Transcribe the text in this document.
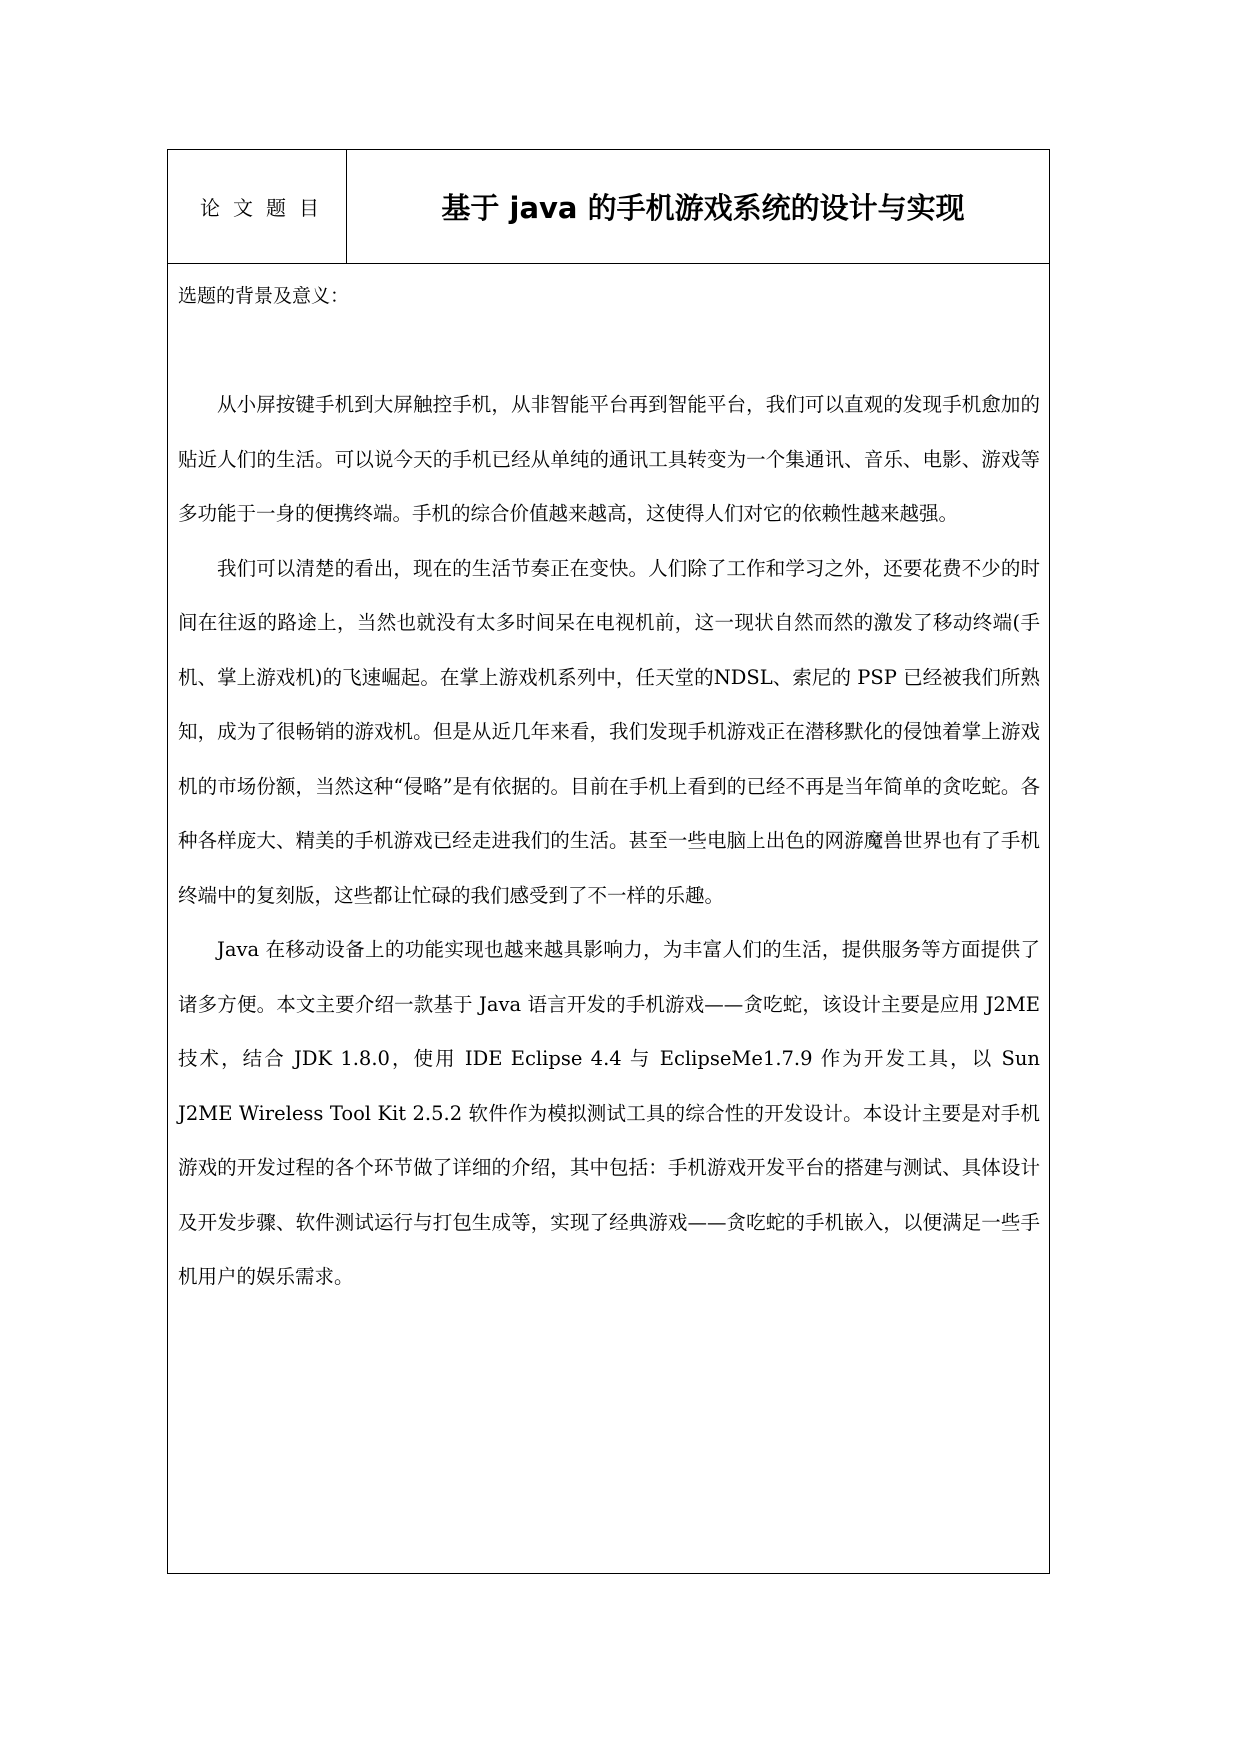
论文题目	基于 java 的手机游戏系统的设计与实现
选题的背景及意义：

从小屏按键手机到大屏触控手机，从非智能平台再到智能平台，我们可以直观的发现手机愈加的贴近人们的生活。可以说今天的手机已经从单纯的通讯工具转变为一个集通讯、音乐、电影、游戏等多功能于一身的便携终端。手机的综合价值越来越高，这使得人们对它的依赖性越来越强。

我们可以清楚的看出，现在的生活节奏正在变快。人们除了工作和学习之外，还要花费不少的时间在往返的路途上，当然也就没有太多时间呆在电视机前，这一现状自然而然的激发了移动终端(手机、掌上游戏机)的飞速崛起。在掌上游戏机系列中，任天堂的NDSL、索尼的 PSP 已经被我们所熟知，成为了很畅销的游戏机。但是从近几年来看，我们发现手机游戏正在潜移默化的侵蚀着掌上游戏机的市场份额，当然这种“侵略”是有依据的。目前在手机上看到的已经不再是当年简单的贪吃蛇。各种各样庞大、精美的手机游戏已经走进我们的生活。甚至一些电脑上出色的网游魔兽世界也有了手机终端中的复刻版，这些都让忙碌的我们感受到了不一样的乐趣。

Java 在移动设备上的功能实现也越来越具影响力，为丰富人们的生活，提供服务等方面提供了诸多方便。本文主要介绍一款基于 Java 语言开发的手机游戏——贪吃蛇，该设计主要是应用 J2ME 技术，结合 JDK 1.8.0，使用 IDE Eclipse 4.4 与 EclipseMe1.7.9 作为开发工具，以 Sun J2ME Wireless Tool Kit 2.5.2 软件作为模拟测试工具的综合性的开发设计。本设计主要是对手机游戏的开发过程的各个环节做了详细的介绍，其中包括：手机游戏开发平台的搭建与测试、具体设计及开发步骤、软件测试运行与打包生成等，实现了经典游戏——贪吃蛇的手机嵌入，以便满足一些手机用户的娱乐需求。
